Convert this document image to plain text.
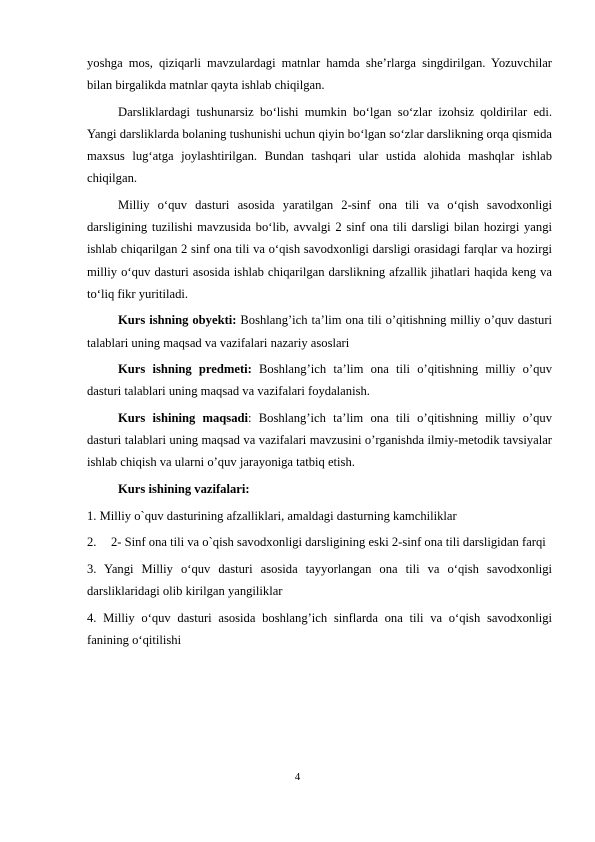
yoshga mos, qiziqarli mavzulardagi matnlar hamda she’rlarga singdirilgan. Yozuvchilar bilan birgalikda matnlar qayta ishlab chiqilgan.

Darsliklardagi tushunarsiz bo‘lishi mumkin bo‘lgan so‘zlar izohsiz qoldirilar edi. Yangi darsliklarda bolaning tushunishi uchun qiyin bo‘lgan so‘zlar darslikning orqa qismida maxsus lug‘atga joylashtirilgan. Bundan tashqari ular ustida alohida mashqlar ishlab chiqilgan.

Milliy o‘quv dasturi asosida yaratilgan 2-sinf ona tili va o‘qish savodxonligi darsligining tuzilishi mavzusida bo‘lib, avvalgi 2 sinf ona tili darsligi bilan hozirgi yangi ishlab chiqarilgan 2 sinf ona tili va o‘qish savodxonligi darsligi orasidagi farqlar va hozirgi milliy o‘quv dasturi asosida ishlab chiqarilgan darslikning afzallik jihatlari haqida keng va to‘liq fikr yuritiladi.

Kurs ishning obyekti: Boshlang’ich ta’lim ona tili o’qitishning milliy o’quv dasturi talablari uning maqsad va vazifalari nazariy asoslari

Kurs ishning predmeti: Boshlang’ich ta’lim ona tili o’qitishning milliy o’quv dasturi talablari uning maqsad va vazifalari foydalanish.

Kurs ishining maqsadi: Boshlang’ich ta’lim ona tili o’qitishning milliy o’quv dasturi talablari uning maqsad va vazifalari mavzusini o’rganishda ilmiy-metodik tavsiyalar ishlab chiqish va ularni o’quv jarayoniga tatbiq etish.

Kurs ishining vazifalari:

1. Milliy o`quv dasturining afzalliklari, amaldagi dasturning kamchiliklar

2. 2- Sinf ona tili va o`qish savodxonligi darsligining eski 2-sinf ona tili darsligidan farqi

3. Yangi Milliy o‘quv dasturi asosida tayyorlangan ona tili va o‘qish savodxonligi darsliklaridagi olib kirilgan yangiliklar

4. Milliy o‘quv dasturi asosida boshlang’ich sinflarda ona tili va o‘qish savodxonligi fanining o‘qitilishi

4
